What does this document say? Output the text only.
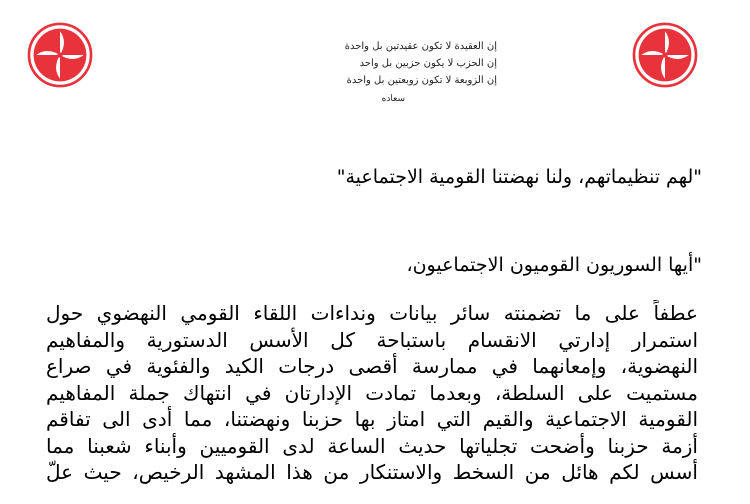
إن العقيدة لا تكون عقيدتين بل واحدة
إن الحزب لا يكون حزبين بل واحد
إن الزوبعة لا تكون زوبعتين بل واحدة
سعاده
"لهم تنظيماتهم، ولنا نهضتنا القومية الاجتماعية"
"أيها السوريون القوميون الاجتماعيون،
عطفاً على ما تضمنته سائر بيانات ونداءات اللقاء القومي النهضوي حول
استمرار إدارتي الانقسام باستباحة كل الأسس الدستورية والمفاهيم
النهضوية، وإمعانهما في ممارسة أقصى درجات الكيد والفئوية في صراع
مستميت على السلطة، وبعدما تمادت الإدارتان في انتهاك جملة المفاهيم
القومية الاجتماعية والقيم التي امتاز بها حزبنا ونهضتنا، مما أدى الى تفاقم
أزمة حزبنا وأضحت تجلياتها حديث الساعة لدى القوميين وأبناء شعبنا مما
أسس لكم هائل من السخط والاستنكار من هذا المشهد الرخيص، حيث علّ
